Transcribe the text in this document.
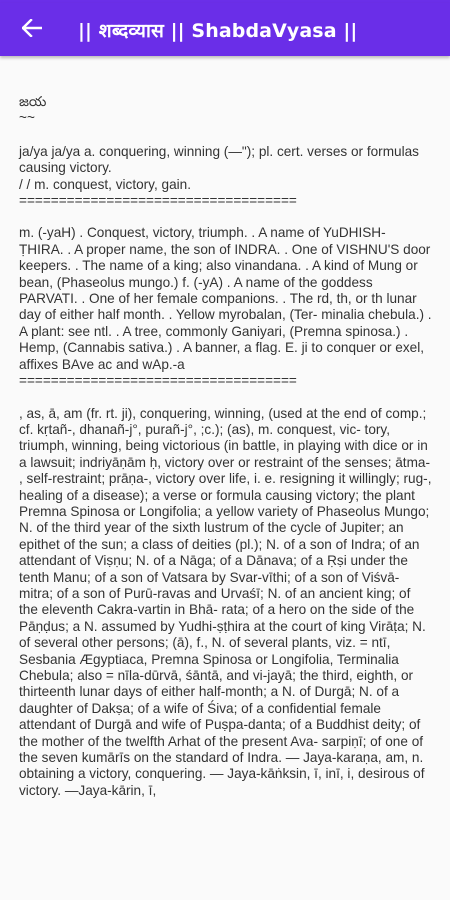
|| शब्दव्यास || ShabdaVyasa ||
జయ
~~

ja/ya ja/ya a. conquering, winning (—"); pl. cert. verses or formulas causing victory.

/ / m. conquest, victory, gain.

===================================

m. (-yaH) . Conquest, victory, triumph. . A name of YuDHISH- ṬHIRA. . A proper name, the son of INDRA. . One of VISHNU'S door keepers. . The name of a king; also vinandana. . A kind of Mung or bean, (Phaseolus mungo.) f. (-yA) . A name of the goddess PARVATI. . One of her female companions. . The rd, th, or th lunar day of either half month. . Yellow myrobalan, (Ter- minalia chebula.) . A plant: see ntl. . A tree, commonly Ganiyari, (Premna spinosa.) . Hemp, (Cannabis sativa.) . A banner, a flag. E. ji to conquer or exel, affixes BAve ac and wAp.-a

===================================

, as, ā, am (fr. rt. ji), conquering, winning, (used at the end of comp.; cf. kṛtañ-, dhanañ-j°, purañ-j°, ;c.); (as), m. conquest, vic- tory, triumph, winning, being victorious (in battle, in playing with dice or in a lawsuit; indriyāṇām ḥ, victory over or restraint of the senses; ātma- , self-restraint; prāṇa-, victory over life, i. e. resigning it willingly; rug-, healing of a disease); a verse or formula causing victory; the plant Premna Spinosa or Longifolia; a yellow variety of Phaseolus Mungo; N. of the third year of the sixth lustrum of the cycle of Jupiter; an epithet of the sun; a class of deities (pl.); N. of a son of Indra; of an attendant of Viṣṇu; N. of a Nāga; of a Dānava; of a Ṛṣi under the tenth Manu; of a son of Vatsara by Svar-vīthi; of a son of Viśvā- mitra; of a son of Purū-ravas and Urvaśī; N. of an ancient king; of the eleventh Cakra-vartin in Bhā- rata; of a hero on the side of the Pāṇḍus; a N. assumed by Yudhi-ṣṭhira at the court of king Virāṭa; N. of several other persons; (ā), f., N. of several plants, viz. = ntī, Sesbania Ægyptiaca, Premna Spinosa or Longifolia, Terminalia Chebula; also = nīla-dūrvā, śāntā, and vi-jayā; the third, eighth, or thirteenth lunar days of either half-month; a N. of Durgā; N. of a daughter of Dakṣa; of a wife of Śiva; of a confidential female attendant of Durgā and wife of Puṣpa-danta; of a Buddhist deity; of the mother of the twelfth Arhat of the present Ava- sarpiṇī; of one of the seven kumārīs on the standard of Indra. — Jaya-karaṇa, am, n. obtaining a victory, conquering. — Jaya-kāṅksin, ī, inī, i, desirous of victory. —Jaya-kārin, ī,
